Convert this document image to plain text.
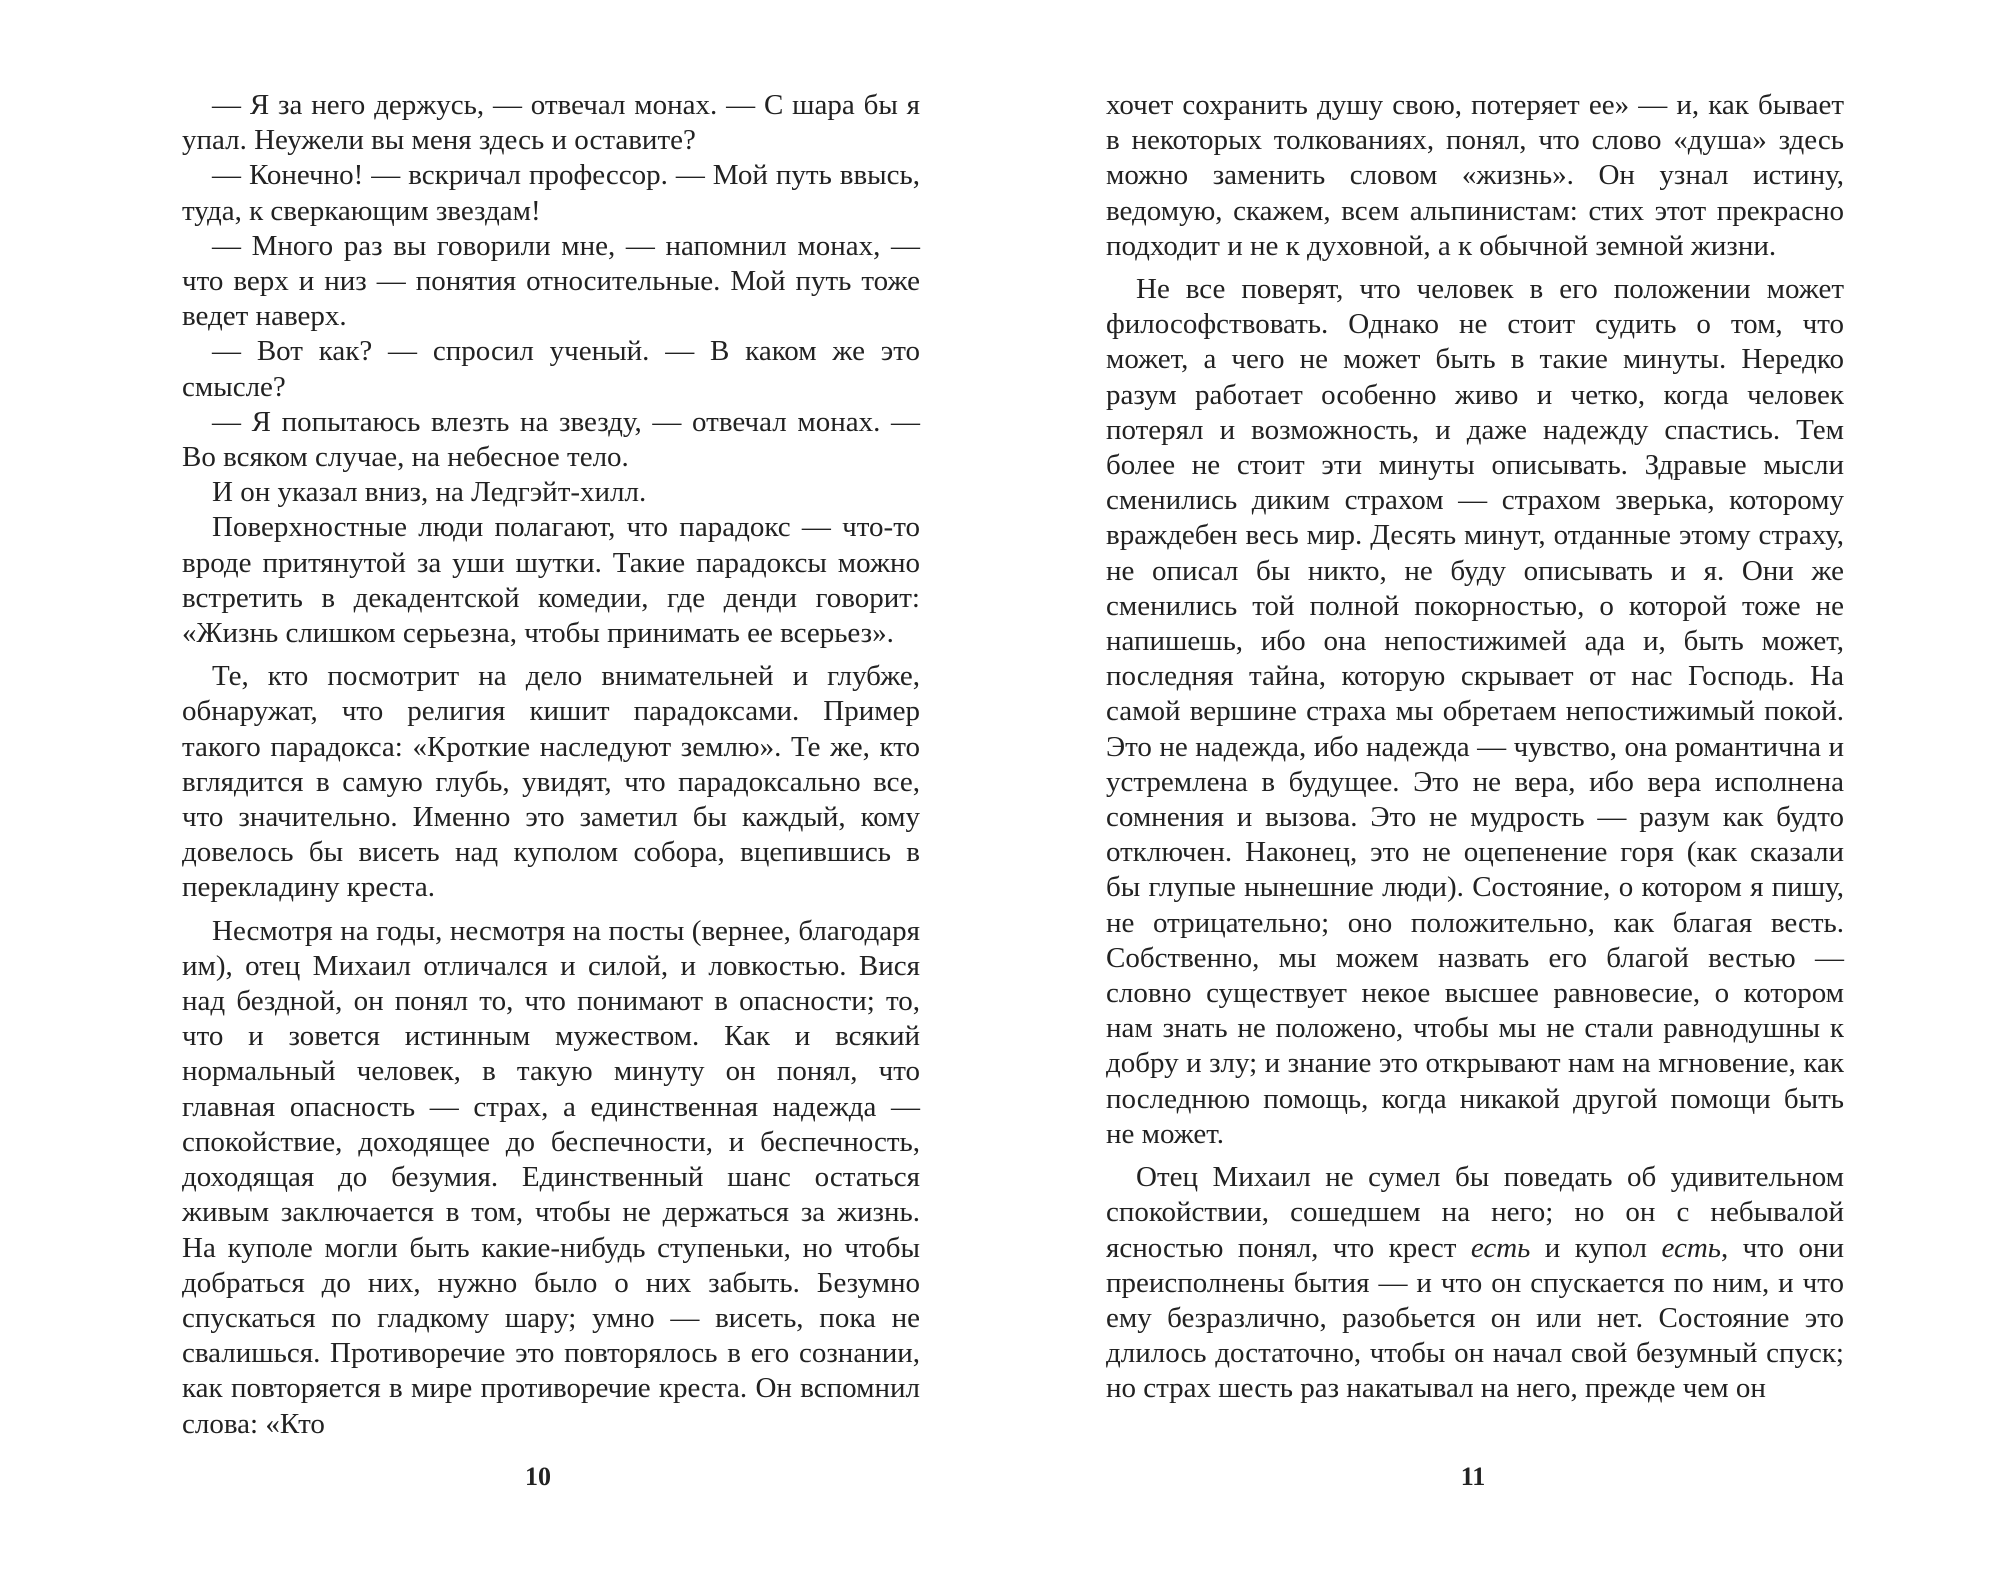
— Я за него держусь, — отвечал монах. — С шара бы я упал. Неужели вы меня здесь и оставите?

— Конечно! — вскричал профессор. — Мой путь ввысь, туда, к сверкающим звездам!

— Много раз вы говорили мне, — напомнил монах, — что верх и низ — понятия относительные. Мой путь тоже ведет наверх.

— Вот как? — спросил ученый. — В каком же это смысле?

— Я попытаюсь влезть на звезду, — отвечал монах. — Во всяком случае, на небесное тело.

И он указал вниз, на Ледгэйт-хилл.

Поверхностные люди полагают, что парадокс — что-то вроде притянутой за уши шутки. Такие парадоксы можно встретить в декадентской комедии, где денди говорит: «Жизнь слишком серьезна, чтобы принимать ее всерьез».

Те, кто посмотрит на дело внимательней и глубже, обнаружат, что религия кишит парадоксами. Пример такого парадокса: «Кроткие наследуют землю». Те же, кто вглядится в самую глубь, увидят, что парадоксально все, что значительно. Именно это заметил бы каждый, кому довелось бы висеть над куполом собора, вцепившись в перекладину креста.

Несмотря на годы, несмотря на посты (вернее, благодаря им), отец Михаил отличался и силой, и ловкостью. Вися над бездной, он понял то, что понимают в опасности; то, что и зовется истинным мужеством. Как и всякий нормальный человек, в такую минуту он понял, что главная опасность — страх, а единственная надежда — спокойствие, доходящее до беспечности, и беспечность, доходящая до безумия. Единственный шанс остаться живым заключается в том, чтобы не держаться за жизнь. На куполе могли быть какие-нибудь ступеньки, но чтобы добраться до них, нужно было о них забыть. Безумно спускаться по гладкому шару; умно — висеть, пока не свалишься. Противоречие это повторялось в его сознании, как повторяется в мире противоречие креста. Он вспомнил слова: «Кто

хочет сохранить душу свою, потеряет ее» — и, как бывает в некоторых толкованиях, понял, что слово «душа» здесь можно заменить словом «жизнь». Он узнал истину, ведомую, скажем, всем альпинистам: стих этот прекрасно подходит и не к духовной, а к обычной земной жизни.

Не все поверят, что человек в его положении может философствовать. Однако не стоит судить о том, что может, а чего не может быть в такие минуты. Нередко разум работает особенно живо и четко, когда человек потерял и возможность, и даже надежду спастись. Тем более не стоит эти минуты описывать. Здравые мысли сменились диким страхом — страхом зверька, которому враждебен весь мир. Десять минут, отданные этому страху, не описал бы никто, не буду описывать и я. Они же сменились той полной покорностью, о которой тоже не напишешь, ибо она непостижимей ада и, быть может, последняя тайна, которую скрывает от нас Господь. На самой вершине страха мы обретаем непостижимый покой. Это не надежда, ибо надежда — чувство, она романтична и устремлена в будущее. Это не вера, ибо вера исполнена сомнения и вызова. Это не мудрость — разум как будто отключен. Наконец, это не оцепенение горя (как сказали бы глупые нынешние люди). Состояние, о котором я пишу, не отрицательно; оно положительно, как благая весть. Собственно, мы можем назвать его благой вестью — словно существует некое высшее равновесие, о котором нам знать не положено, чтобы мы не стали равнодушны к добру и злу; и знание это открывают нам на мгновение, как последнюю помощь, когда никакой другой помощи быть не может.

Отец Михаил не сумел бы поведать об удивительном спокойствии, сошедшем на него; но он с небывалой ясностью понял, что крест есть и купол есть, что они преисполнены бытия — и что он спускается по ним, и что ему безразлично, разобьется он или нет. Состояние это длилось достаточно, чтобы он начал свой безумный спуск; но страх шесть раз накатывал на него, прежде чем он

10	11
